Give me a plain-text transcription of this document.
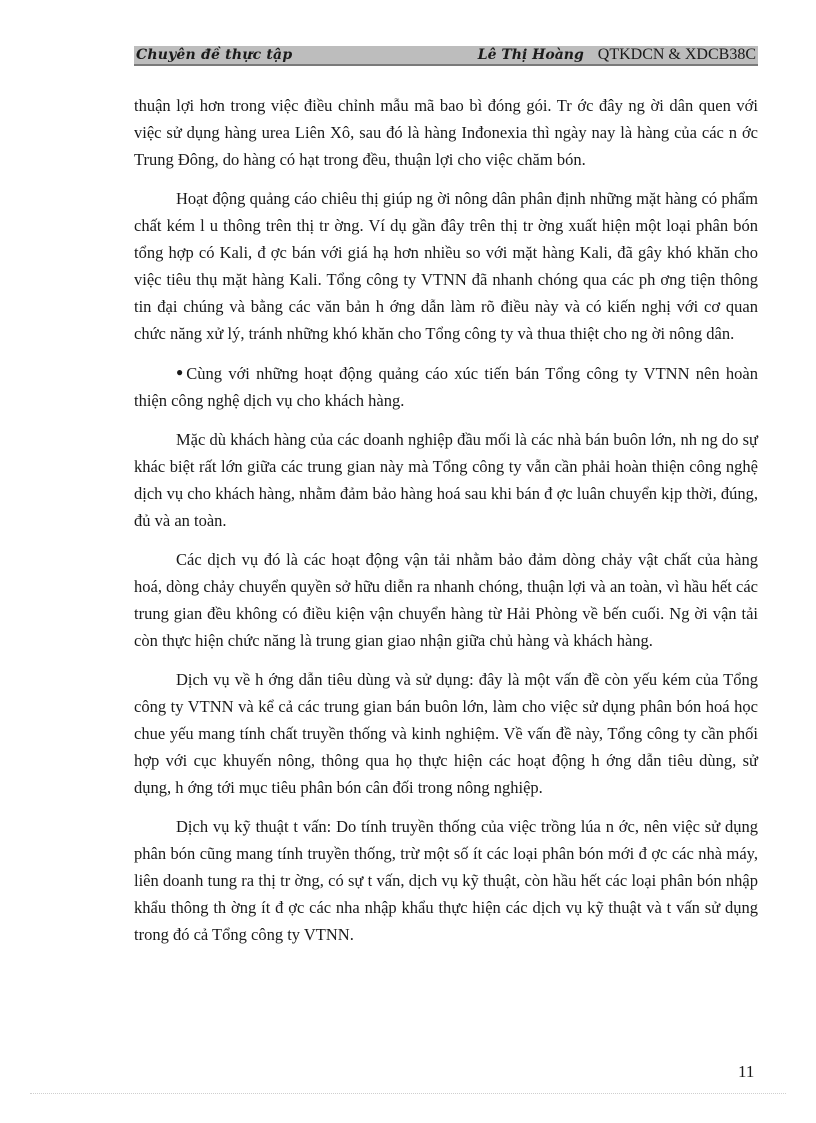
Chuyên đề thực tập	Lê Thị Hoàng QTKDCN & XDCB38C

thuận lợi hơn trong việc điều chỉnh mẫu mã bao bì đóng gói. Tr ớc đây ng ời dân quen với việc sử dụng hàng urea Liên Xô, sau đó là hàng Inđonexia thì ngày nay là hàng của các n ớc Trung Đông, do hàng có hạt trong đều, thuận lợi cho việc chăm bón.

Hoạt động quảng cáo chiêu thị giúp ng ời nông dân phân định những mặt hàng có phẩm chất kém l u thông trên thị tr ờng. Ví dụ gần đây trên thị tr ờng xuất hiện một loại phân bón tổng hợp có Kali, đ ợc bán với giá hạ hơn nhiều so với mặt hàng Kali, đã gây khó khăn cho việc tiêu thụ mặt hàng Kali. Tổng công ty VTNN đã nhanh chóng qua các ph ơng tiện thông tin đại chúng và bằng các văn bản h ớng dẫn làm rõ điều này và có kiến nghị với cơ quan chức năng xử lý, tránh những khó khăn cho Tổng công ty và thua thiệt cho ng ời nông dân.

● Cùng với những hoạt động quảng cáo xúc tiến bán Tổng công ty VTNN nên hoàn thiện công nghệ dịch vụ cho khách hàng.

Mặc dù khách hàng của các doanh nghiệp đầu mối là các nhà bán buôn lớn, nh ng do sự khác biệt rất lớn giữa các trung gian này mà Tổng công ty vẫn cần phải hoàn thiện công nghệ dịch vụ cho khách hàng, nhằm đảm bảo hàng hoá sau khi bán đ ợc luân chuyển kịp thời, đúng, đủ và an toàn.

Các dịch vụ đó là các hoạt động vận tải nhằm bảo đảm dòng chảy vật chất của hàng hoá, dòng chảy chuyển quyền sở hữu diễn ra nhanh chóng, thuận lợi và an toàn, vì hầu hết các trung gian đều không có điều kiện vận chuyển hàng từ Hải Phòng về bến cuối. Ng ời vận tải còn thực hiện chức năng là trung gian giao nhận giữa chủ hàng và khách hàng.

Dịch vụ về h ớng dẫn tiêu dùng và sử dụng: đây là một vấn đề còn yếu kém của Tổng công ty VTNN và kể cả các trung gian bán buôn lớn, làm cho việc sử dụng phân bón hoá học chue yếu mang tính chất truyền thống và kinh nghiệm. Về vấn đề này, Tổng công ty cần phối hợp với cục khuyến nông, thông qua họ thực hiện các hoạt động h ớng dẫn tiêu dùng, sử dụng, h ớng tới mục tiêu phân bón cân đối trong nông nghiệp.

Dịch vụ kỹ thuật t vấn: Do tính truyền thống của việc trồng lúa n ớc, nên việc sử dụng phân bón cũng mang tính truyền thống, trừ một số ít các loại phân bón mới đ ợc các nhà máy, liên doanh tung ra thị tr ờng, có sự t vấn, dịch vụ kỹ thuật, còn hầu hết các loại phân bón nhập khẩu thông th ờng ít đ ợc các nha nhập khẩu thực hiện các dịch vụ kỹ thuật và t vấn sử dụng trong đó cả Tổng công ty VTNN.

11
